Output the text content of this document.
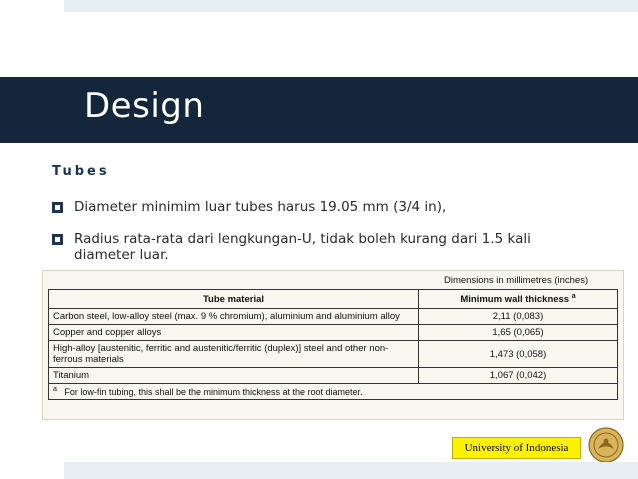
Design
Tubes
Diameter minimim luar tubes harus 19.05 mm (3/4 in),
Radius rata-rata dari lengkungan-U, tidak boleh kurang dari 1.5 kali diameter luar.
Dimensions in millimetres (inches)
Tube material	Minimum wall thickness $^a$
Carbon steel, low-alloy steel (max. 9 % chromium), aluminium and aluminium alloy	2,11 (0,083)
Copper and copper alloys	1,65 (0,065)
High-alloy [austenitic, ferritic and austenitic/ferritic (duplex)] steel and other non-ferrous materials	1,473 (0,058)
Titanium	1,067 (0,042)
$^a$ For low-fin tubing, this shall be the minimum thickness at the root diameter.	
University of Indonesia
